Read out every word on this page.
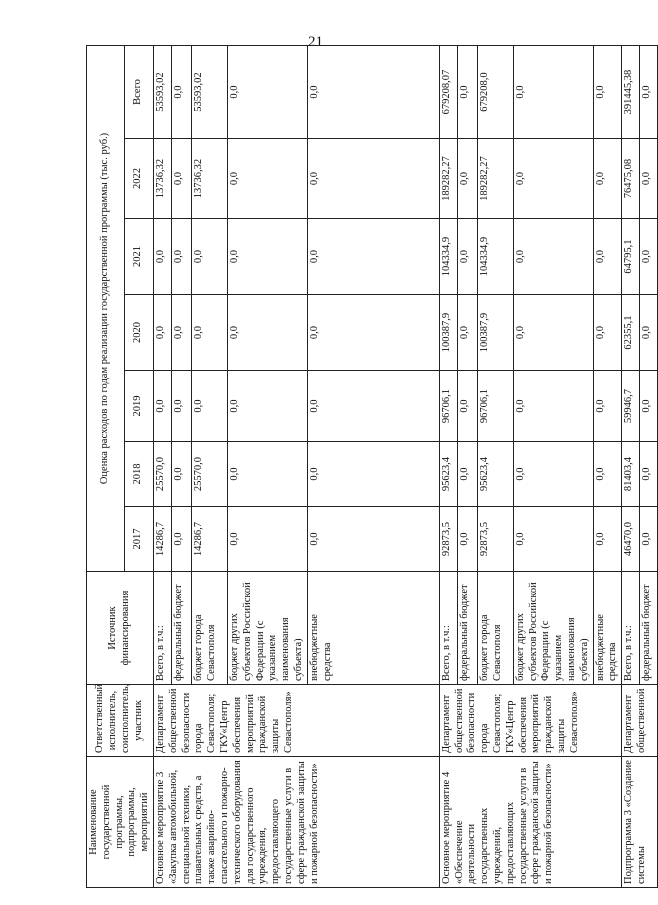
21
Наименование государственной программы, подпрограммы, мероприятий	Ответственный исполнитель, соисполнитель, участник	Источник финансирования	Оценка расходов по годам реализации государственной программы (тыс. руб.)						
			2017	2018	2019	2020	2021	2022	Всего
Основное мероприятие 3 «Закупка автомобильной, специальной техники, плавательных средств, а также аварийно-спасательного и пожарно-технического оборудования для государственного учреждения, предоставляющего государственные услуги в сфере гражданской защиты и пожарной безопасности»	Департамент общественной безопасности города Севастополя; ГКУ«Центр обеспечения мероприятий гражданской защиты Севастополя»	Всего, в т.ч.:	14286,7	25570,0	0,0	0,0	0,0	13736,32	53593,02
		федеральный бюджет	0,0	0,0	0,0	0,0	0,0	0,0	0,0
		бюджет города Севастополя	14286,7	25570,0	0,0	0,0	0,0	13736,32	53593,02
		бюджет других субъектов Российской Федерации (с указанием наименования субъекта)	0,0	0,0	0,0	0,0	0,0	0,0	0,0
		внебюджетные средства	0,0	0,0	0,0	0,0	0,0	0,0	0,0
Основное мероприятие 4 «Обеспечение деятельности государственных учреждений, предоставляющих государственные услуги в сфере гражданской защиты и пожарной безопасности»	Департамент общественной безопасности города Севастополя; ГКУ«Центр обеспечения мероприятий гражданской защиты Севастополя»	Всего, в т.ч.:	92873,5	95623,4	96706,1	100387,9	104334,9	189282,27	679208,07
		федеральный бюджет	0,0	0,0	0,0	0,0	0,0	0,0	0,0
		бюджет города Севастополя	92873,5	95623,4	96706,1	100387,9	104334,9	189282,27	679208,0
		бюджет других субъектов Российской Федерации (с указанием наименования субъекта)	0,0	0,0	0,0	0,0	0,0	0,0	0,0
		внебюджетные средства	0,0	0,0	0,0	0,0	0,0	0,0	0,0
Подпрограмма 3 «Создание системы	Департамент общественной	Всего, в т.ч.:	46470,0	81403,4	59946,7	62355,1	64795,1	76475,08	391445,38
		федеральный бюджет	0,0	0,0	0,0	0,0	0,0	0,0	0,0
